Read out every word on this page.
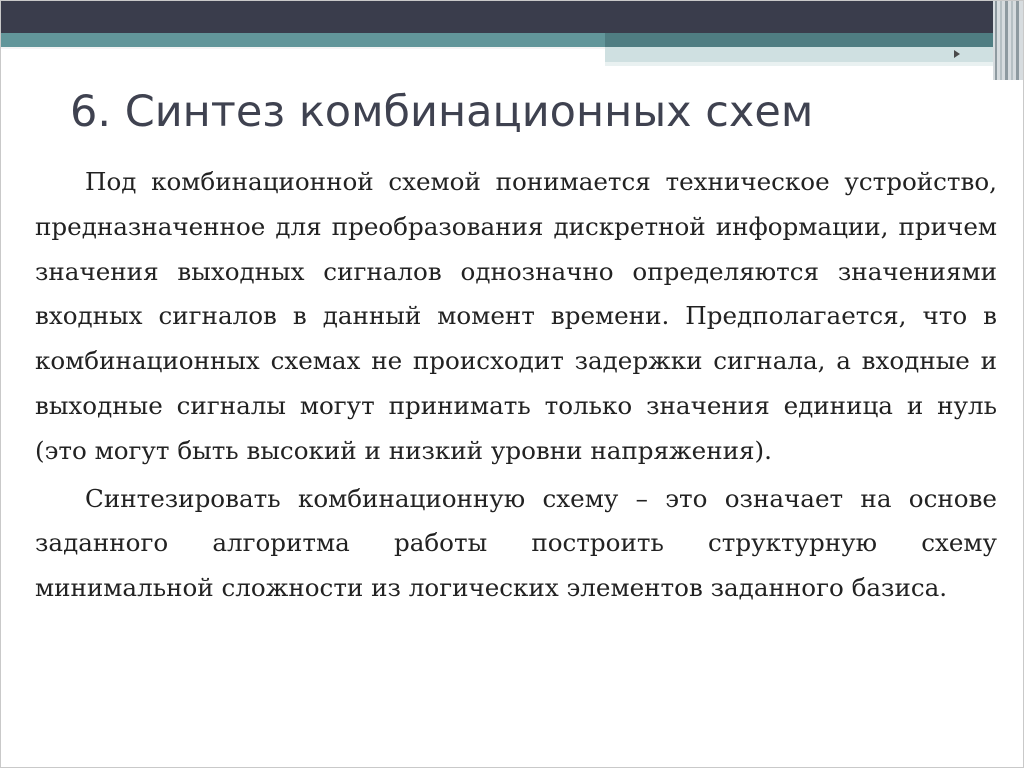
6. Синтез комбинационных схем

Под комбинационной схемой понимается техническое устройство, предназначенное для преобразования дискретной информации, причем значения выходных сигналов однозначно определяются значениями входных сигналов в данный момент времени. Предполагается, что в комбинационных схемах не происходит задержки сигнала, а входные и выходные сигналы могут принимать только значения единица и нуль (это могут быть высокий и низкий уровни напряжения).

Синтезировать комбинационную схему – это означает на основе заданного алгоритма работы построить структурную схему минимальной сложности из логических элементов заданного базиса.
